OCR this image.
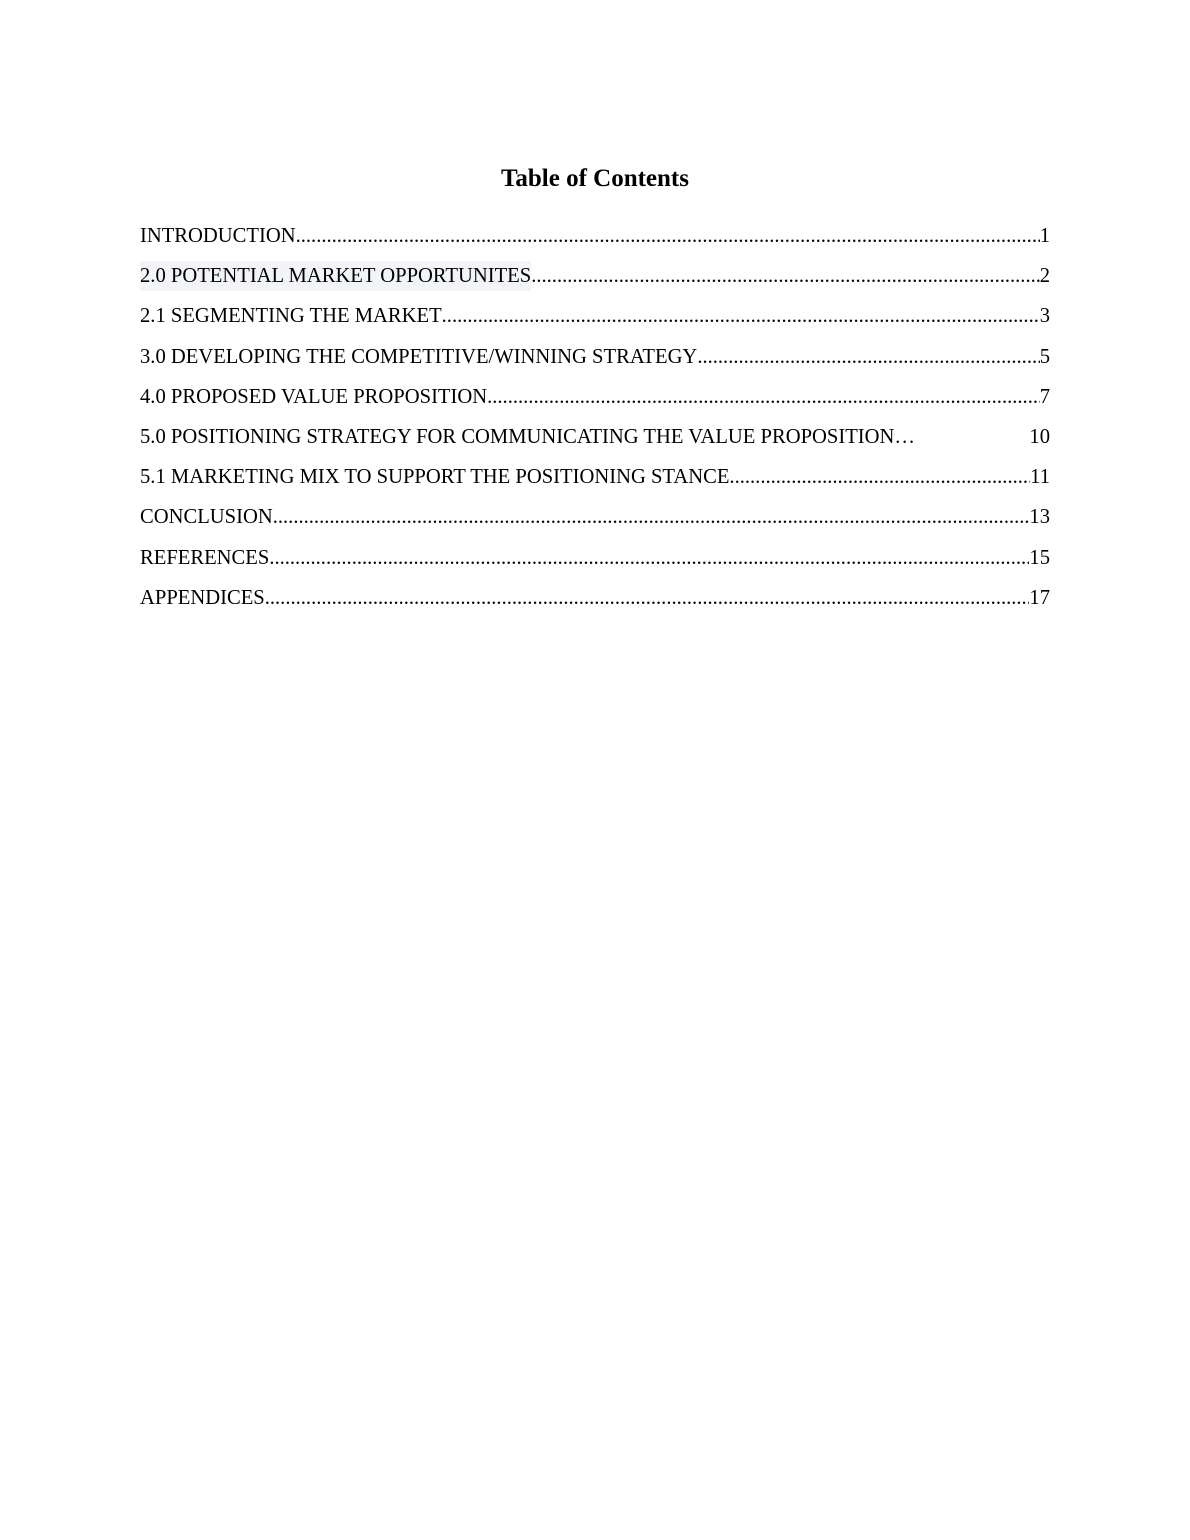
Table of Contents
INTRODUCTION .....	1
2.0 POTENTIAL MARKET OPPORTUNITES .....	2
2.1 SEGMENTING THE MARKET .....	3
3.0 DEVELOPING THE COMPETITIVE/WINNING STRATEGY .....	5
4.0 PROPOSED VALUE PROPOSITION .....	7
5.0 POSITIONING STRATEGY FOR COMMUNICATING THE VALUE PROPOSITION …	10
5.1 MARKETING MIX TO SUPPORT THE POSITIONING STANCE .....	11
CONCLUSION .....	13
REFERENCES .....	15
APPENDICES .....	17
